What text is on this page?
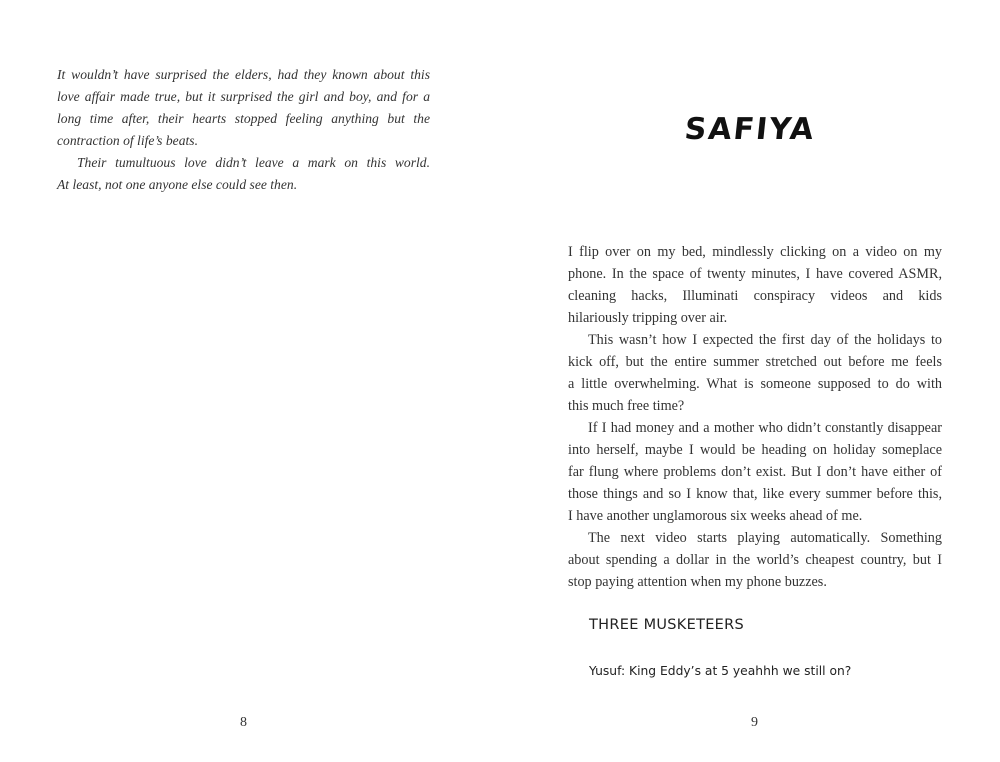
It wouldn’t have surprised the elders, had they known about this
love affair made true, but it surprised the girl and boy, and for a
long time after, their hearts stopped feeling anything but the
contraction of life’s beats.
Their tumultuous love didn’t leave a mark on this world.
At least, not one anyone else could see then.
8
SAFIYA
I flip over on my bed, mindlessly clicking on a video on my
phone. In the space of twenty minutes, I have covered ASMR,
cleaning hacks, Illuminati conspiracy videos and kids
hilariously tripping over air.
This wasn’t how I expected the first day of the holidays to
kick off, but the entire summer stretched out before me feels
a little overwhelming. What is someone supposed to do with
this much free time?
If I had money and a mother who didn’t constantly disappear
into herself, maybe I would be heading on holiday someplace
far flung where problems don’t exist. But I don’t have either of
those things and so I know that, like every summer before this,
I have another unglamorous six weeks ahead of me.
The next video starts playing automatically. Something
about spending a dollar in the world’s cheapest country, but I
stop paying attention when my phone buzzes.
THREE MUSKETEERS
Yusuf: King Eddy’s at 5 yeahhh we still on?
9
